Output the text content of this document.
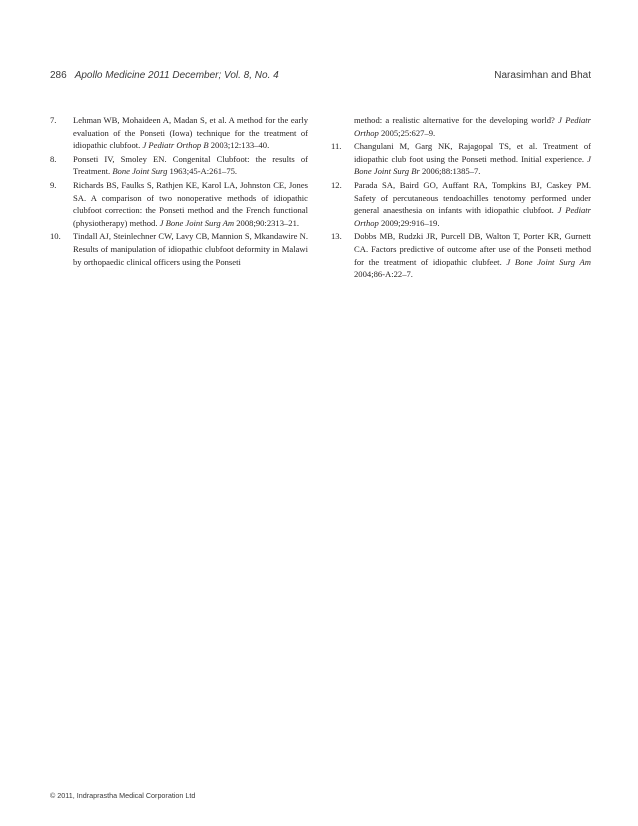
286 Apollo Medicine 2011 December; Vol. 8, No. 4	Narasimhan and Bhat

7. Lehman WB, Mohaideen A, Madan S, et al. A method for the early evaluation of the Ponseti (Iowa) technique for the treatment of idiopathic clubfoot. J Pediatr Orthop B 2003;12:133–40.

8. Ponseti IV, Smoley EN. Congenital Clubfoot: the results of Treatment. Bone Joint Surg 1963;45-A:261–75.

9. Richards BS, Faulks S, Rathjen KE, Karol LA, Johnston CE, Jones SA. A comparison of two nonoperative methods of idiopathic clubfoot correction: the Ponseti method and the French functional (physiotherapy) method. J Bone Joint Surg Am 2008;90:2313–21.

10. Tindall AJ, Steinlechner CW, Lavy CB, Mannion S, Mkandawire N. Results of manipulation of idiopathic clubfoot deformity in Malawi by orthopaedic clinical officers using the Ponseti

method: a realistic alternative for the developing world? J Pediatr Orthop 2005;25:627–9.

11. Changulani M, Garg NK, Rajagopal TS, et al. Treatment of idiopathic club foot using the Ponseti method. Initial experience. J Bone Joint Surg Br 2006;88:1385–7.

12. Parada SA, Baird GO, Auffant RA, Tompkins BJ, Caskey PM. Safety of percutaneous tendoachilles tenotomy performed under general anaesthesia on infants with idiopathic clubfoot. J Pediatr Orthop 2009;29:916–19.

13. Dobbs MB, Rudzki JR, Purcell DB, Walton T, Porter KR, Gurnett CA. Factors predictive of outcome after use of the Ponseti method for the treatment of idiopathic clubfeet. J Bone Joint Surg Am 2004;86-A:22–7.

© 2011, Indraprastha Medical Corporation Ltd
